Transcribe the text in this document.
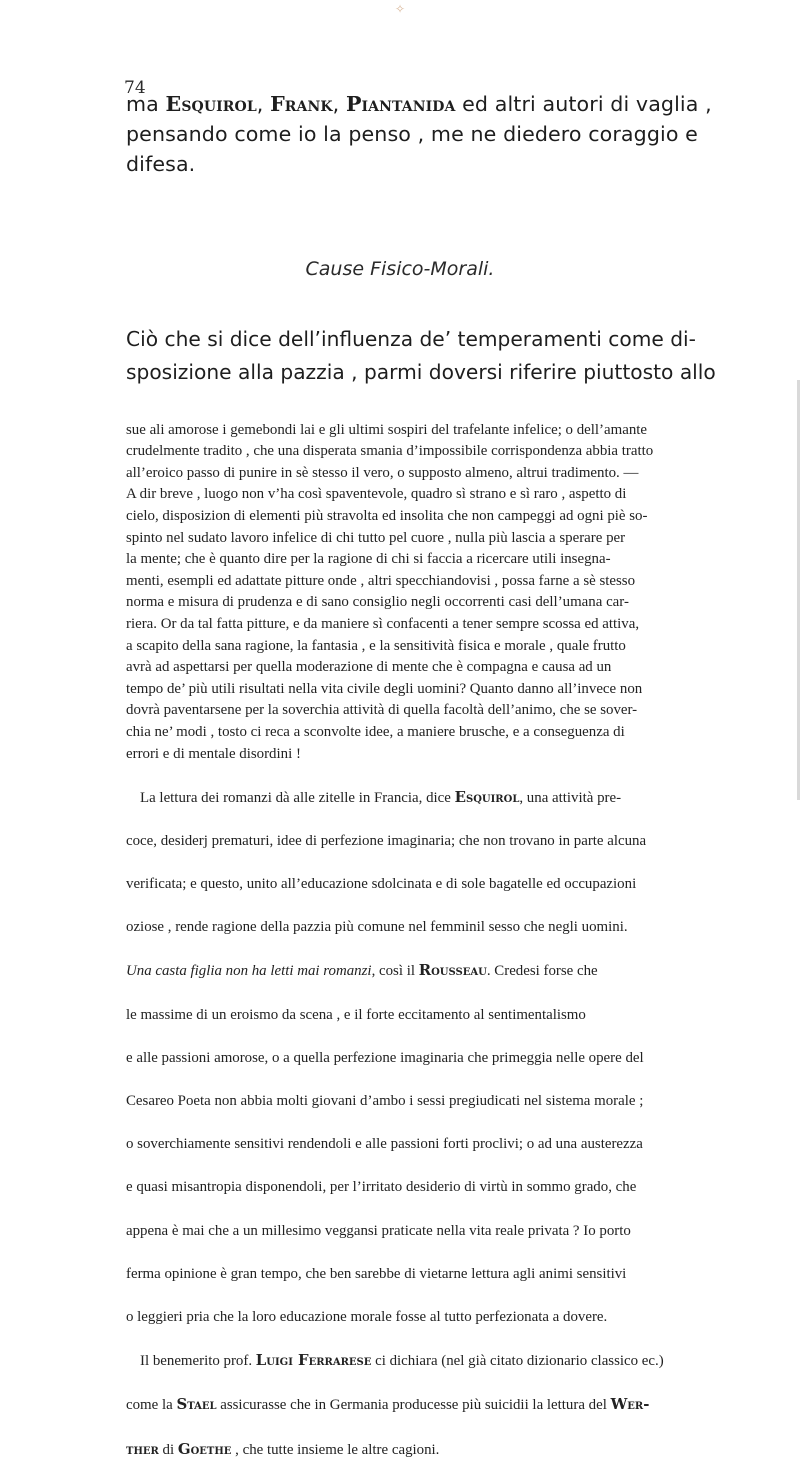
✧
74
ma Esquirol, Frank, Piantanida ed altri autori di vaglia ,
pensando come io la penso , me ne diedero coraggio e
difesa.
Cause Fisico-Morali.
Ciò che si dice dell’influenza de’ temperamenti come di-
sposizione alla pazzia , parmi doversi riferire piuttosto allo

sue ali amorose i gemebondi lai e gli ultimi sospiri del trafelante infelice; o dell’amante
crudelmente tradito , che una disperata smania d’impossibile corrispondenza abbia tratto
all’eroico passo di punire in sè stesso il vero, o supposto almeno, altrui tradimento. —
A dir breve , luogo non v’ha così spaventevole, quadro sì strano e sì raro , aspetto di
cielo, disposizion di elementi più stravolta ed insolita che non campeggi ad ogni piè so-
spinto nel sudato lavoro infelice di chi tutto pel cuore , nulla più lascia a sperare per
la mente; che è quanto dire per la ragione di chi si faccia a ricercare utili insegna-
menti, esempli ed adattate pitture onde , altri specchiandovisi , possa farne a sè stesso
norma e misura di prudenza e di sano consiglio negli occorrenti casi dell’umana car-
riera. Or da tal fatta pitture, e da maniere sì confacenti a tener sempre scossa ed attiva,
a scapito della sana ragione, la fantasia , e la sensitività fisica e morale , quale frutto
avrà ad aspettarsi per quella moderazione di mente che è compagna e causa ad un
tempo de’ più utili risultati nella vita civile degli uomini? Quanto danno all’invece non
dovrà paventarsene per la soverchia attività di quella facoltà dell’animo, che se sover-
chia ne’ modi , tosto ci reca a sconvolte idee, a maniere brusche, e a conseguenza di
errori e di mentale disordini !

La lettura dei romanzi dà alle zitelle in Francia, dice Esquirol, una attività pre-

coce, desiderj prematuri, idee di perfezione imaginaria; che non trovano in parte alcuna

verificata; e questo, unito all’educazione sdolcinata e di sole bagatelle ed occupazioni

oziose , rende ragione della pazzia più comune nel femminil sesso che negli uomini.

Una casta figlia non ha letti mai romanzi, così il Rousseau. Credesi forse che

le massime di un eroismo da scena , e il forte eccitamento al sentimentalismo

e alle passioni amorose, o a quella perfezione imaginaria che primeggia nelle opere del

Cesareo Poeta non abbia molti giovani d’ambo i sessi pregiudicati nel sistema morale ;

o soverchiamente sensitivi rendendoli e alle passioni forti proclivi; o ad una austerezza

e quasi misantropia disponendoli, per l’irritato desiderio di virtù in sommo grado, che

appena è mai che a un millesimo veggansi praticate nella vita reale privata ? Io porto

ferma opinione è gran tempo, che ben sarebbe di vietarne lettura agli animi sensitivi

o leggieri pria che la loro educazione morale fosse al tutto perfezionata a dovere.

Il benemerito prof. Luigi Ferrarese ci dichiara (nel già citato dizionario classico ec.)

come la Stael assicurasse che in Germania producesse più suicidii la lettura del Wer-

ther di Goethe , che tutte insieme le altre cagioni.
